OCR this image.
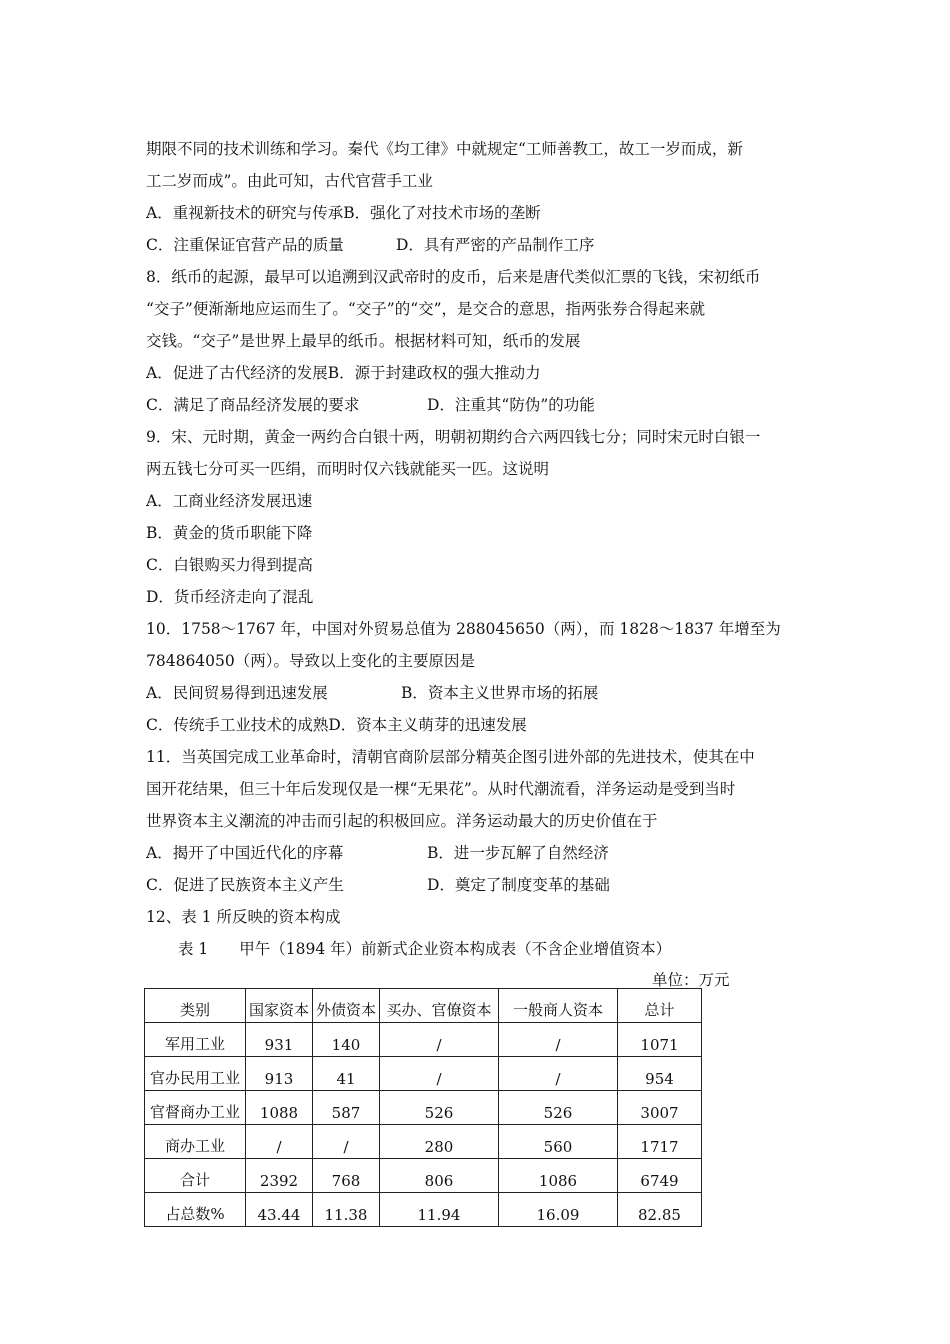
期限不同的技术训练和学习。秦代《均工律》中就规定“工师善教工，故工一岁而成，新
工二岁而成”。由此可知，古代官营手工业
A．重视新技术的研究与传承B．强化了对技术市场的垄断
C．注重保证官营产品的质量	D．具有严密的产品制作工序
8．纸币的起源，最早可以追溯到汉武帝时的皮币，后来是唐代类似汇票的飞钱，宋初纸币
“交子”便渐渐地应运而生了。“交子”的“交”，是交合的意思，指两张券合得起来就
交钱。“交子”是世界上最早的纸币。根据材料可知，纸币的发展
A．促进了古代经济的发展B．源于封建政权的强大推动力
C．满足了商品经济发展的要求	D．注重其“防伪”的功能
9．宋、元时期，黄金一两约合白银十两，明朝初期约合六两四钱七分；同时宋元时白银一
两五钱七分可买一匹绢，而明时仅六钱就能买一匹。这说明
A．工商业经济发展迅速
B．黄金的货币职能下降
C．白银购买力得到提高
D．货币经济走向了混乱
10．1758～1767 年，中国对外贸易总值为 288045650（两），而 1828～1837 年增至为
784864050（两）。导致以上变化的主要原因是
A．民间贸易得到迅速发展	B．资本主义世界市场的拓展
C．传统手工业技术的成熟D．资本主义萌芽的迅速发展
11．当英国完成工业革命时，清朝官商阶层部分精英企图引进外部的先进技术，使其在中
国开花结果，但三十年后发现仅是一棵“无果花”。从时代潮流看，洋务运动是受到当时
世界资本主义潮流的冲击而引起的积极回应。洋务运动最大的历史价值在于
A．揭开了中国近代化的序幕	B．进一步瓦解了自然经济
C．促进了民族资本主义产生	D．奠定了制度变革的基础
12、表 1 所反映的资本构成
表 1　　甲午（1894 年）前新式企业资本构成表（不含企业增值资本）
单位：万元
类别	国家资本	外债资本	买办、官僚资本	一般商人资本	总计
军用工业	931	140	/	/	1071
官办民用工业	913	41	/	/	954
官督商办工业	1088	587	526	526	3007
商办工业	/	/	280	560	1717
合计	2392	768	806	1086	6749
占总数%	43.44	11.38	11.94	16.09	82.85
